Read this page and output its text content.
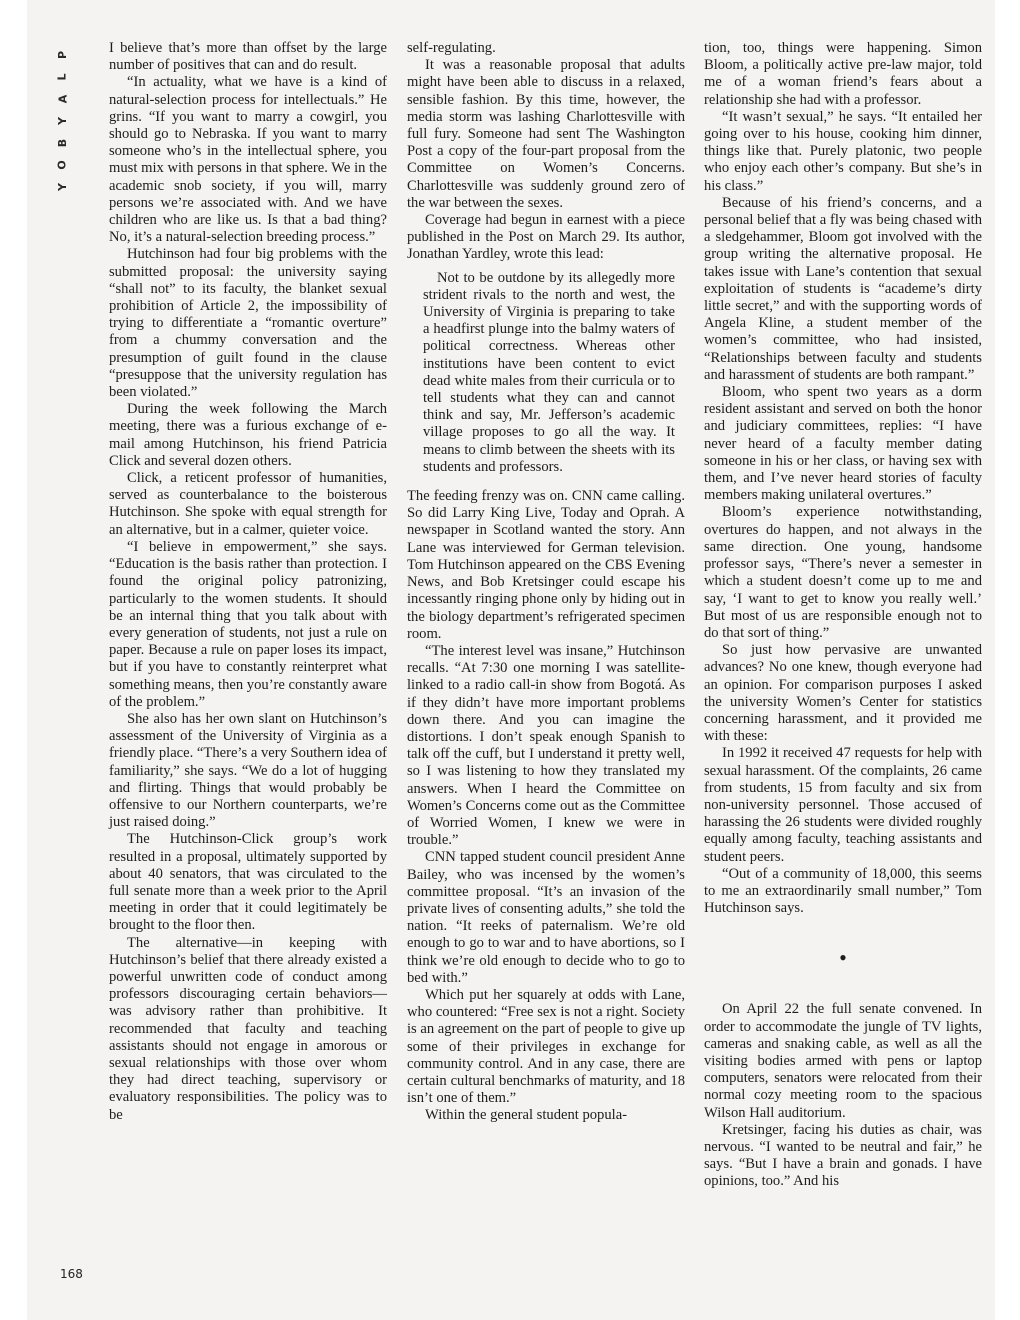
P
L
A
Y
B
O
Y

I believe that’s more than offset by the large number of positives that can and do result.

“In actuality, what we have is a kind of natural-selection process for intellectuals.” He grins. “If you want to marry a cowgirl, you should go to Nebraska. If you want to marry someone who’s in the intellectual sphere, you must mix with persons in that sphere. We in the academic snob society, if you will, marry persons we’re associated with. And we have children who are like us. Is that a bad thing? No, it’s a natural-selection breeding process.”

Hutchinson had four big problems with the submitted proposal: the university saying “shall not” to its faculty, the blanket sexual prohibition of Article 2, the impossibility of trying to differentiate a “romantic overture” from a chummy conversation and the presumption of guilt found in the clause “presuppose that the university regulation has been violated.”

During the week following the March meeting, there was a furious exchange of e-mail among Hutchinson, his friend Patricia Click and several dozen others.

Click, a reticent professor of humanities, served as counterbalance to the boisterous Hutchinson. She spoke with equal strength for an alternative, but in a calmer, quieter voice.

“I believe in empowerment,” she says. “Education is the basis rather than protection. I found the original policy patronizing, particularly to the women students. It should be an internal thing that you talk about with every generation of students, not just a rule on paper. Because a rule on paper loses its impact, but if you have to constantly reinterpret what something means, then you’re constantly aware of the problem.”

She also has her own slant on Hutchinson’s assessment of the University of Virginia as a friendly place. “There’s a very Southern idea of familiarity,” she says. “We do a lot of hugging and flirting. Things that would probably be offensive to our Northern counterparts, we’re just raised doing.”

The Hutchinson-Click group’s work resulted in a proposal, ultimately supported by about 40 senators, that was circulated to the full senate more than a week prior to the April meeting in order that it could legitimately be brought to the floor then.

The alternative—in keeping with Hutchinson’s belief that there already existed a powerful unwritten code of conduct among professors discouraging certain behaviors—was advisory rather than prohibitive. It recommended that faculty and teaching assistants should not engage in amorous or sexual relationships with those over whom they had direct teaching, supervisory or evaluatory responsibilities. The policy was to be

self-regulating.

It was a reasonable proposal that adults might have been able to discuss in a relaxed, sensible fashion. By this time, however, the media storm was lashing Charlottesville with full fury. Someone had sent The Washington Post a copy of the four-part proposal from the Committee on Women’s Concerns. Charlottesville was suddenly ground zero of the war between the sexes.

Coverage had begun in earnest with a piece published in the Post on March 29. Its author, Jonathan Yardley, wrote this lead:

Not to be outdone by its allegedly more strident rivals to the north and west, the University of Virginia is preparing to take a headfirst plunge into the balmy waters of political correctness. Whereas other institutions have been content to evict dead white males from their curricula or to tell students what they can and cannot think and say, Mr. Jefferson’s academic village proposes to go all the way. It means to climb between the sheets with its students and professors.

The feeding frenzy was on. CNN came calling. So did Larry King Live, Today and Oprah. A newspaper in Scotland wanted the story. Ann Lane was interviewed for German television. Tom Hutchinson appeared on the CBS Evening News, and Bob Kretsinger could escape his incessantly ringing phone only by hiding out in the biology department’s refrigerated specimen room.

“The interest level was insane,” Hutchinson recalls. “At 7:30 one morning I was satellite-linked to a radio call-in show from Bogotá. As if they didn’t have more important problems down there. And you can imagine the distortions. I don’t speak enough Spanish to talk off the cuff, but I understand it pretty well, so I was listening to how they translated my answers. When I heard the Committee on Women’s Concerns come out as the Committee of Worried Women, I knew we were in trouble.”

CNN tapped student council president Anne Bailey, who was incensed by the women’s committee proposal. “It’s an invasion of the private lives of consenting adults,” she told the nation. “It reeks of paternalism. We’re old enough to go to war and to have abortions, so I think we’re old enough to decide who to go to bed with.”

Which put her squarely at odds with Lane, who countered: “Free sex is not a right. Society is an agreement on the part of people to give up some of their privileges in exchange for community control. And in any case, there are certain cultural benchmarks of maturity, and 18 isn’t one of them.”

Within the general student popula-

tion, too, things were happening. Simon Bloom, a politically active pre-law major, told me of a woman friend’s fears about a relationship she had with a professor.

“It wasn’t sexual,” he says. “It entailed her going over to his house, cooking him dinner, things like that. Purely platonic, two people who enjoy each other’s company. But she’s in his class.”

Because of his friend’s concerns, and a personal belief that a fly was being chased with a sledgehammer, Bloom got involved with the group writing the alternative proposal. He takes issue with Lane’s contention that sexual exploitation of students is “academe’s dirty little secret,” and with the supporting words of Angela Kline, a student member of the women’s committee, who had insisted, “Relationships between faculty and students and harassment of students are both rampant.”

Bloom, who spent two years as a dorm resident assistant and served on both the honor and judiciary committees, replies: “I have never heard of a faculty member dating someone in his or her class, or having sex with them, and I’ve never heard stories of faculty members making unilateral overtures.”

Bloom’s experience notwithstanding, overtures do happen, and not always in the same direction. One young, handsome professor says, “There’s never a semester in which a student doesn’t come up to me and say, ‘I want to get to know you really well.’ But most of us are responsible enough not to do that sort of thing.”

So just how pervasive are unwanted advances? No one knew, though everyone had an opinion. For comparison purposes I asked the university Women’s Center for statistics concerning harassment, and it provided me with these:

In 1992 it received 47 requests for help with sexual harassment. Of the complaints, 26 came from students, 15 from faculty and six from non-university personnel. Those accused of harassing the 26 students were divided roughly equally among faculty, teaching assistants and student peers.

“Out of a community of 18,000, this seems to me an extraordinarily small number,” Tom Hutchinson says.

•

On April 22 the full senate convened. In order to accommodate the jungle of TV lights, cameras and snaking cable, as well as all the visiting bodies armed with pens or laptop computers, senators were relocated from their normal cozy meeting room to the spacious Wilson Hall auditorium.

Kretsinger, facing his duties as chair, was nervous. “I wanted to be neutral and fair,” he says. “But I have a brain and gonads. I have opinions, too.” And his

168
